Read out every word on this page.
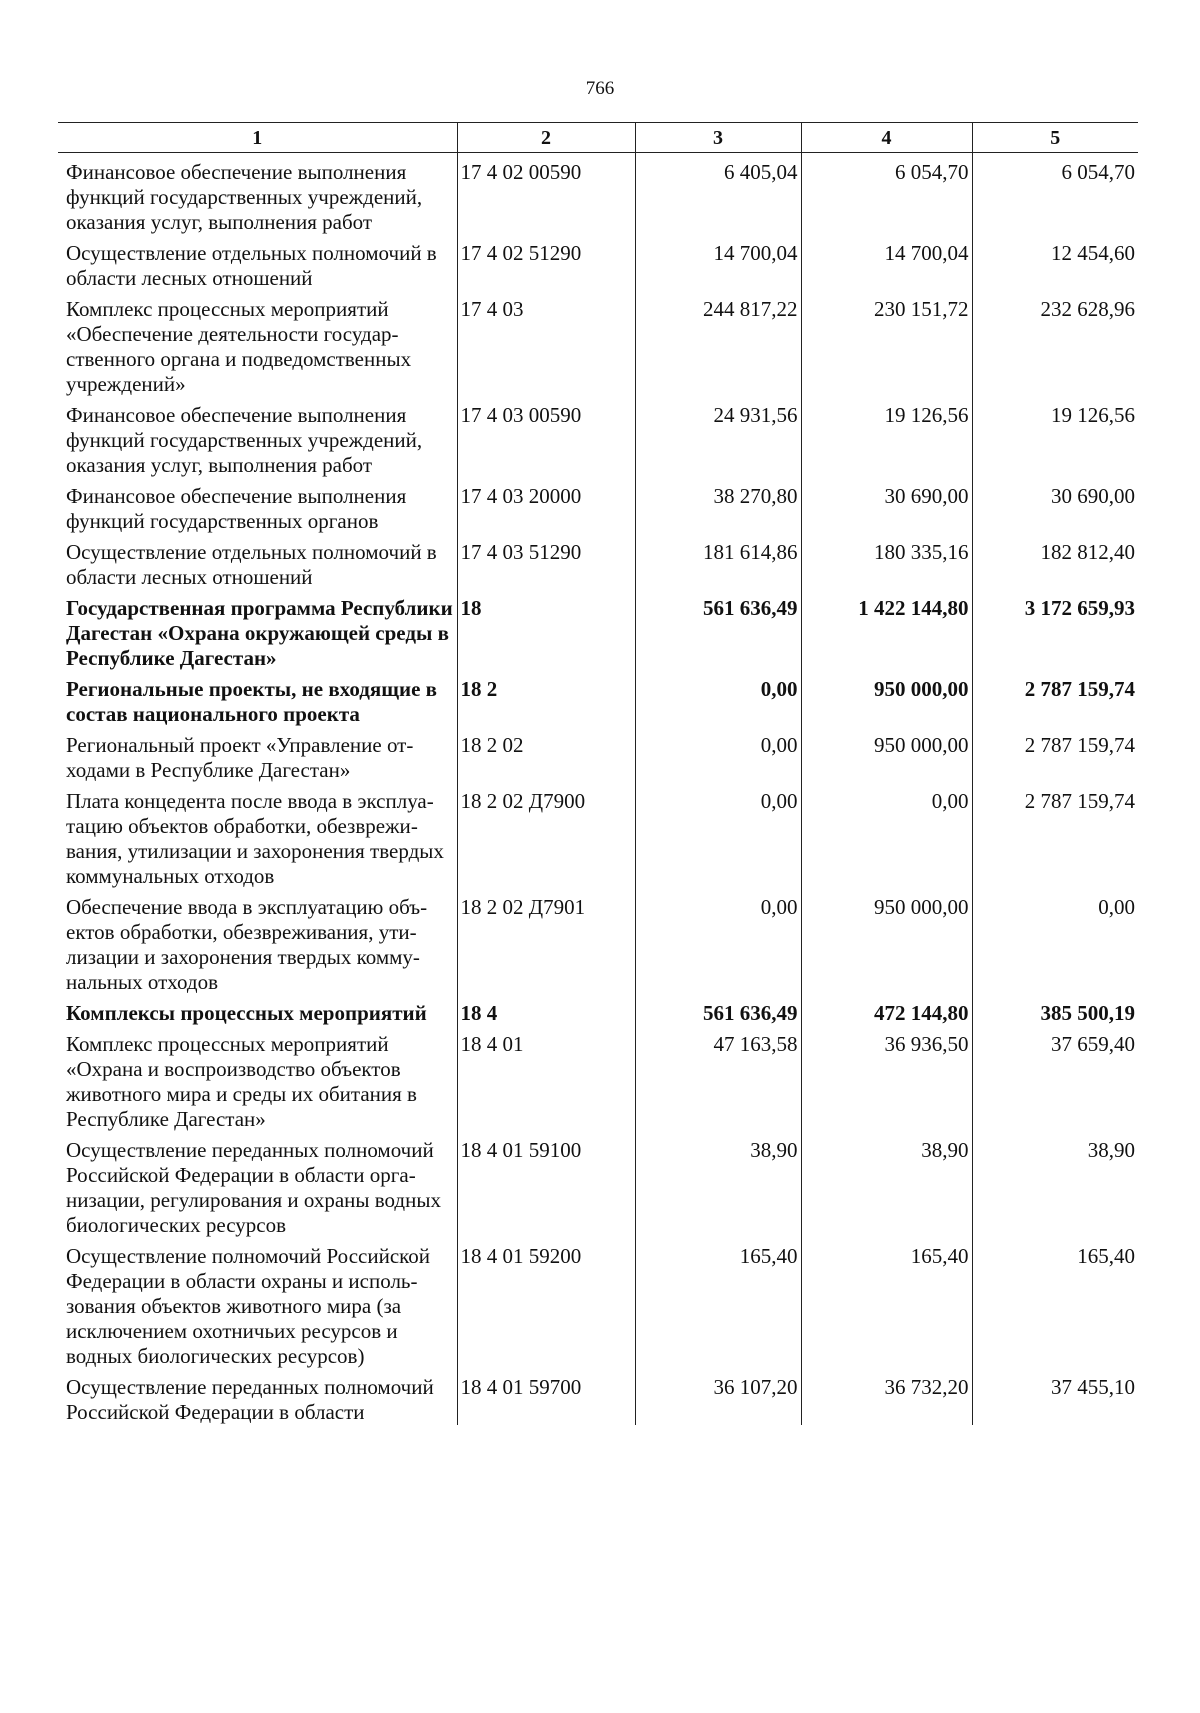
766
1	2	3	4	5
Финансовое обеспечение выполнения функций государственных учреждений, оказания услуг, выполнения работ	17 4 02 00590	6 405,04	6 054,70	6 054,70
Осуществление отдельных полномочий в области лесных отношений	17 4 02 51290	14 700,04	14 700,04	12 454,60
Комплекс процессных мероприятий «Обеспечение деятельности государственного органа и подведомственных учреждений»	17 4 03	244 817,22	230 151,72	232 628,96
Финансовое обеспечение выполнения функций государственных учреждений, оказания услуг, выполнения работ	17 4 03 00590	24 931,56	19 126,56	19 126,56
Финансовое обеспечение выполнения функций государственных органов	17 4 03 20000	38 270,80	30 690,00	30 690,00
Осуществление отдельных полномочий в области лесных отношений	17 4 03 51290	181 614,86	180 335,16	182 812,40
Государственная программа Республики Дагестан «Охрана окружающей среды в Республике Дагестан»	18	561 636,49	1 422 144,80	3 172 659,93
Региональные проекты, не входящие в состав национального проекта	18 2	0,00	950 000,00	2 787 159,74
Региональный проект «Управление отходами в Республике Дагестан»	18 2 02	0,00	950 000,00	2 787 159,74
Плата концедента после ввода в эксплуатацию объектов обработки, обезвреживания, утилизации и захоронения твердых коммунальных отходов	18 2 02 Д7900	0,00	0,00	2 787 159,74
Обеспечение ввода в эксплуатацию объектов обработки, обезвреживания, утилизации и захоронения твердых коммунальных отходов	18 2 02 Д7901	0,00	950 000,00	0,00
Комплексы процессных мероприятий	18 4	561 636,49	472 144,80	385 500,19
Комплекс процессных мероприятий «Охрана и воспроизводство объектов животного мира и среды их обитания в Республике Дагестан»	18 4 01	47 163,58	36 936,50	37 659,40
Осуществление переданных полномочий Российской Федерации в области организации, регулирования и охраны водных биологических ресурсов	18 4 01 59100	38,90	38,90	38,90
Осуществление полномочий Российской Федерации в области охраны и использования объектов животного мира (за исключением охотничьих ресурсов и водных биологических ресурсов)	18 4 01 59200	165,40	165,40	165,40
Осуществление переданных полномочий Российской Федерации в области	18 4 01 59700	36 107,20	36 732,20	37 455,10
